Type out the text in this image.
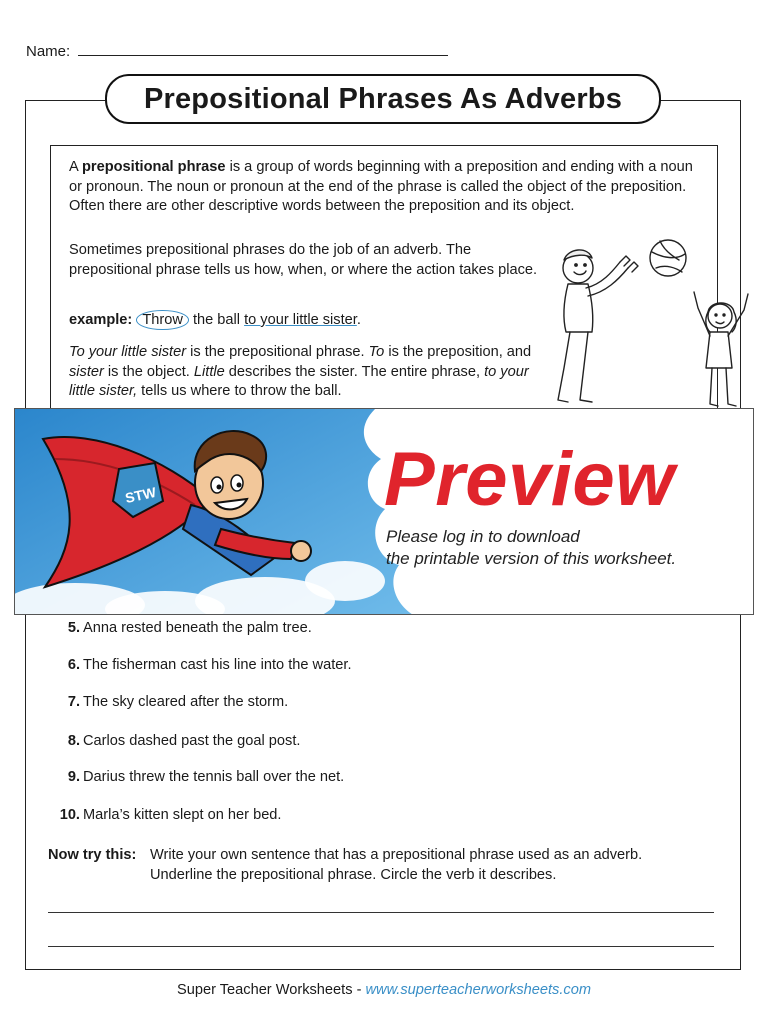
Name:
Prepositional Phrases As Adverbs
A prepositional phrase is a group of words beginning with a preposition and ending with a noun or pronoun. The noun or pronoun at the end of the phrase is called the object of the preposition. Often there are other descriptive words between the preposition and its object.
Sometimes prepositional phrases do the job of an adverb. The prepositional phrase tells us how, when, or where the action takes place.
example: Throw the ball to your little sister.
To your little sister is the prepositional phrase. To is the preposition, and sister is the object. Little describes the sister. The entire phrase, to your little sister, tells us where to throw the ball.
STW	Preview
Please log in to download
the printable version of this worksheet.
5. Anna rested beneath the palm tree.
6. The fisherman cast his line into the water.
7. The sky cleared after the storm.
8. Carlos dashed past the goal post.
9. Darius threw the tennis ball over the net.
10. Marla’s kitten slept on her bed.
Now try this: Write your own sentence that has a prepositional phrase used as an adverb. Underline the prepositional phrase. Circle the verb it describes.
Super Teacher Worksheets - www.superteacherworksheets.com
